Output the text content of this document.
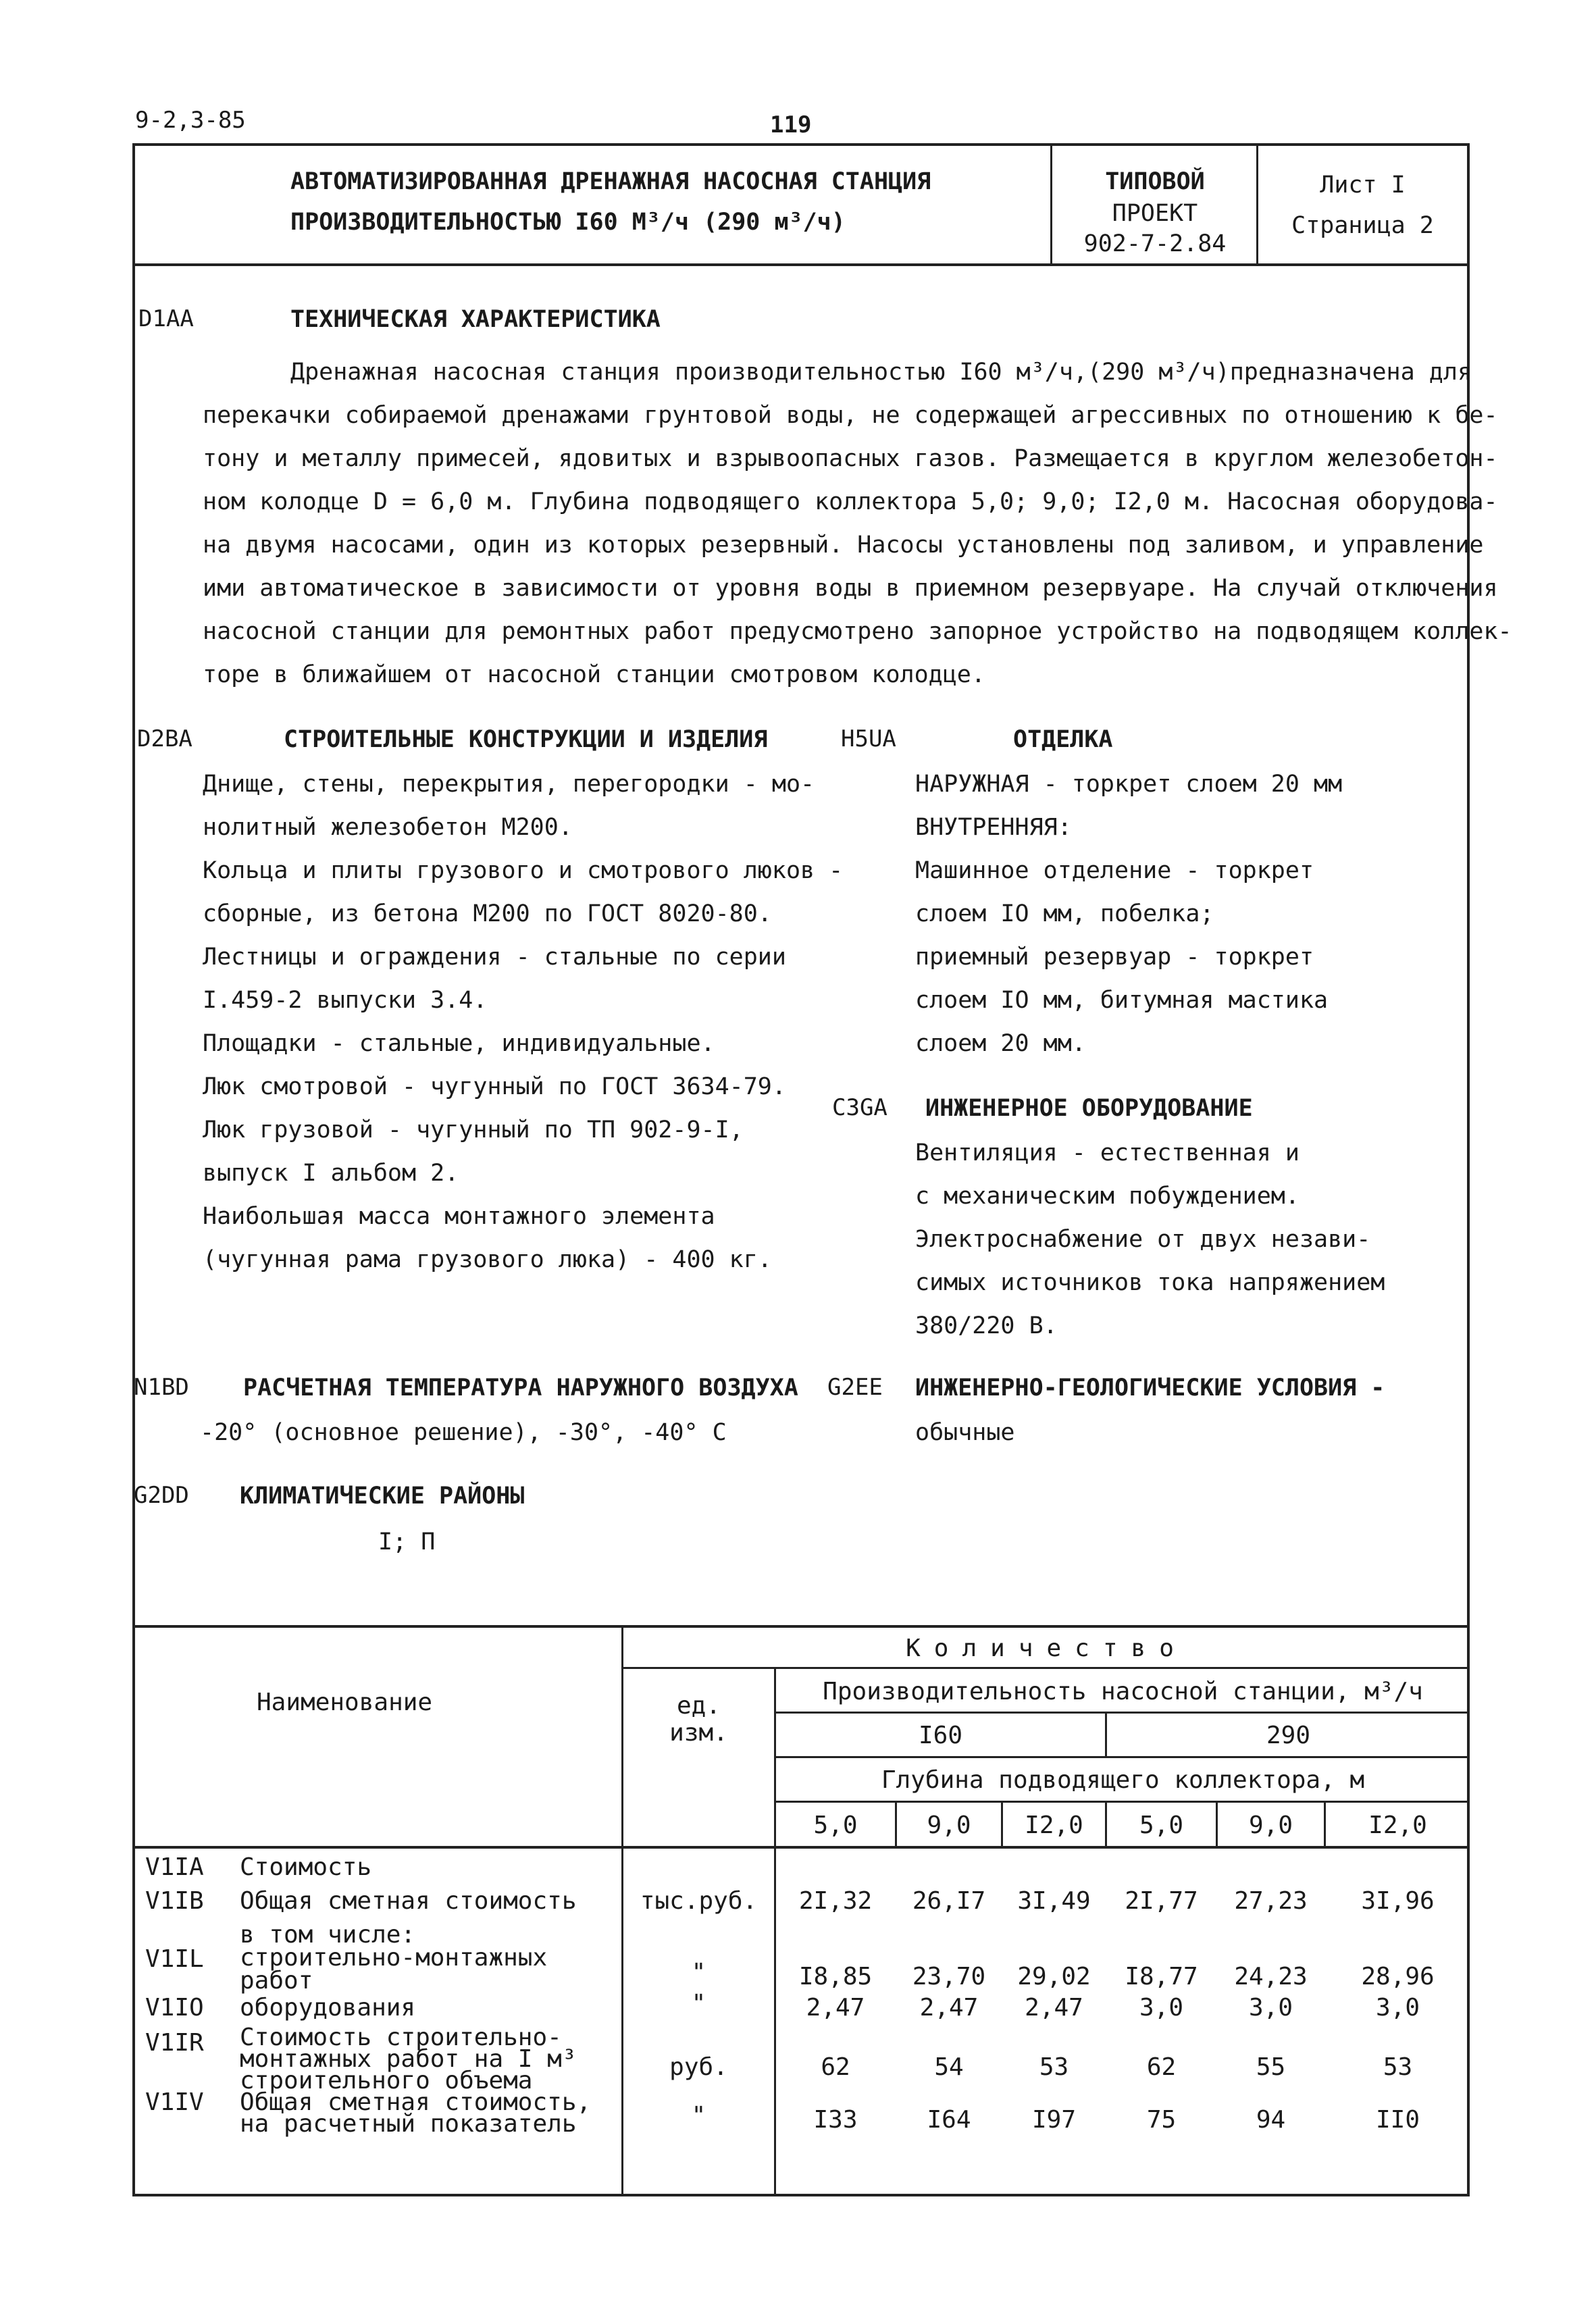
9-2,3-85	119
АВТОМАТИЗИРОВАННАЯ ДРЕНАЖНАЯ НАСОСНАЯ СТАНЦИЯ
ПРОИЗВОДИТЕЛЬНОСТЬЮ I60 М³/ч (290 м³/ч)
ТИПОВОЙ
ПРОЕКТ
902-7-2.84
Лист I
Страница 2
D1AA	ТЕХНИЧЕСКАЯ ХАРАКТЕРИСТИКА
Дренажная насосная станция производительностью I60 м³/ч,(290 м³/ч)предназначена для
перекачки собираемой дренажами грунтовой воды, не содержащей агрессивных по отношению к бе-
тону и металлу примесей, ядовитых и взрывоопасных газов. Размещается в круглом железобетон-
ном колодце D = 6,0 м. Глубина подводящего коллектора 5,0; 9,0; I2,0 м. Насосная оборудова-
на двумя насосами, один из которых резервный. Насосы установлены под заливом, и управление
ими автоматическое в зависимости от уровня воды в приемном резервуаре. На случай отключения
насосной станции для ремонтных работ предусмотрено запорное устройство на подводящем коллек-
торе в ближайшем от насосной станции смотровом колодце.
D2BA	СТРОИТЕЛЬНЫЕ КОНСТРУКЦИИ И ИЗДЕЛИЯ
Днище, стены, перекрытия, перегородки - мо-
нолитный железобетон М200.
Кольца и плиты грузового и смотрового люков -
сборные, из бетона М200 по ГОСТ 8020-80.
Лестницы и ограждения - стальные по серии
I.459-2 выпуски 3.4.
Площадки - стальные, индивидуальные.
Люк смотровой - чугунный по ГОСТ 3634-79.
Люк грузовой - чугунный по ТП 902-9-I,
выпуск I альбом 2.
Наибольшая масса монтажного элемента
(чугунная рама грузового люка) - 400 кг.
H5UA	ОТДЕЛКА
НАРУЖНАЯ - торкрет слоем 20 мм
ВНУТРЕННЯЯ:
Машинное отделение - торкрет
слоем IO мм, побелка;
приемный резервуар - торкрет
слоем IO мм, битумная мастика
слоем 20 мм.
C3GA ИНЖЕНЕРНОЕ ОБОРУДОВАНИЕ
Вентиляция - естественная и
с механическим побуждением.
Электроснабжение от двух незави-
симых источников тока напряжением
380/220 В.
N1BD РАСЧЕТНАЯ ТЕМПЕРАТУРА НАРУЖНОГО ВОЗДУХА
-20° (основное решение), -30°, -40° С
G2EE ИНЖЕНЕРНО-ГЕОЛОГИЧЕСКИЕ УСЛОВИЯ -
обычные
G2DD КЛИМАТИЧЕСКИЕ РАЙОНЫ
I; П
Наименование	ед.
изм.
Количество
Производительность насосной станции, м³/ч
I60	290
Глубина подводящего коллектора, м
5,0	9,0	I2,0	5,0	9,0	I2,0
V1IA Стоимость
V1IB Общая сметная стоимость	тыс.руб.	2I,32	26,I7	3I,49	2I,77	27,23	3I,96
в том числе:
V1IL строительно-монтажных
работ	"	I8,85	23,70	29,02	I8,77	24,23	28,96
V1IO оборудования	"	2,47	2,47	2,47	3,0	3,0	3,0
V1IR Стоимость строительно-
монтажных работ на I м³
строительного объема	руб.	62	54	53	62	55	53
V1IV Общая сметная стоимость,
на расчетный показатель	"	I33	I64	I97	75	94	II0
